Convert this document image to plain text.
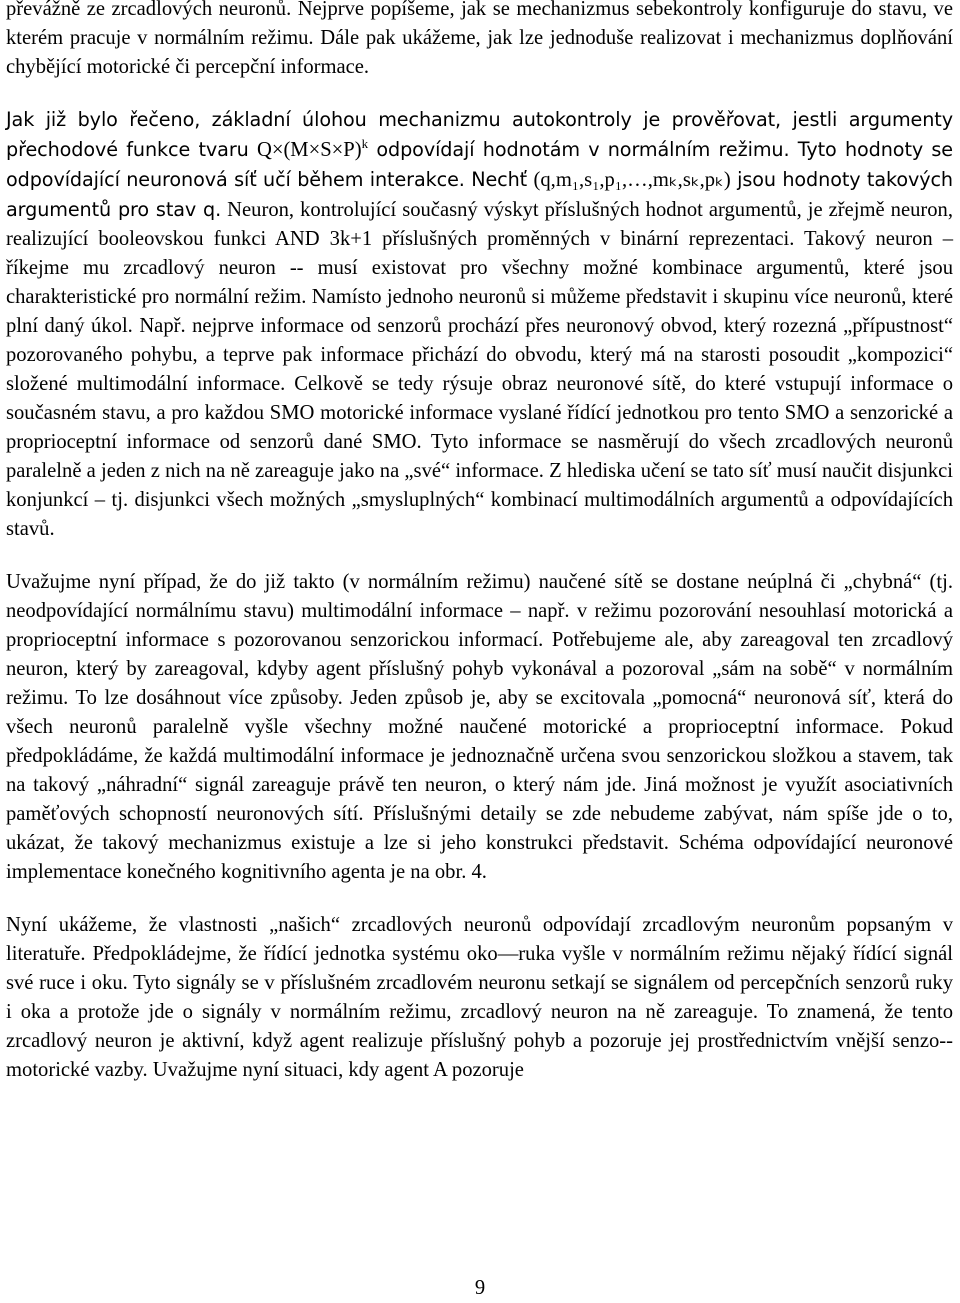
převážně ze zrcadlových neuronů. Nejprve popíšeme, jak se mechanizmus sebekontroly konfiguruje do stavu, ve kterém pracuje v normálním režimu. Dále pak ukážeme, jak lze jednoduše realizovat i mechanizmus doplňování chybějící motorické či percepční informace.

Jak již bylo řečeno, základní úlohou mechanizmu autokontroly je prověřovat, jestli argumenty přechodové funkce tvaru $Q\times(M\times S\times P)^k$ odpovídají hodnotám v normálním režimu. Tyto hodnoty se odpovídající neuronová síť učí během interakce. Nechť (q,m₁,s₁,p₁,…,mₖ,sₖ,pₖ) jsou hodnoty takových argumentů pro stav q. Neuron, kontrolující současný výskyt příslušných hodnot argumentů, je zřejmě neuron, realizující booleovskou funkci AND 3k+1 příslušných proměnných v binární reprezentaci. Takový neuron – říkejme mu zrcadlový neuron -- musí existovat pro všechny možné kombinace argumentů, které jsou charakteristické pro normální režim. Namísto jednoho neuronů si můžeme představit i skupinu více neuronů, které plní daný úkol. Např. nejprve informace od senzorů prochází přes neuronový obvod, který rozezná „přípustnost“ pozorovaného pohybu, a teprve pak informace přichází do obvodu, který má na starosti posoudit „kompozici“ složené multimodální informace. Celkově se tedy rýsuje obraz neuronové sítě, do které vstupují informace o současném stavu, a pro každou SMO motorické informace vyslané řídící jednotkou pro tento SMO a senzorické a proprioceptní informace od senzorů dané SMO. Tyto informace se nasměrují do všech zrcadlových neuronů paralelně a jeden z nich na ně zareaguje jako na „své“ informace. Z hlediska učení se tato síť musí naučit disjunkci konjunkcí – tj. disjunkci všech možných „smysluplných“ kombinací multimodálních argumentů a odpovídajících stavů.

Uvažujme nyní případ, že do již takto (v normálním režimu) naučené sítě se dostane neúplná či „chybná“ (tj. neodpovídající normálnímu stavu) multimodální informace – např. v režimu pozorování nesouhlasí motorická a proprioceptní informace s pozorovanou senzorickou informací. Potřebujeme ale, aby zareagoval ten zrcadlový neuron, který by zareagoval, kdyby agent příslušný pohyb vykonával a pozoroval „sám na sobě“ v normálním režimu. To lze dosáhnout více způsoby. Jeden způsob je, aby se excitovala „pomocná“ neuronová síť, která do všech neuronů paralelně vyšle všechny možné naučené motorické a proprioceptní informace. Pokud předpokládáme, že každá multimodální informace je jednoznačně určena svou senzorickou složkou a stavem, tak na takový „náhradní“ signál zareaguje právě ten neuron, o který nám jde. Jiná možnost je využít asociativních paměťových schopností neuronových sítí. Příslušnými detaily se zde nebudeme zabývat, nám spíše jde o to, ukázat, že takový mechanizmus existuje a lze si jeho konstrukci představit. Schéma odpovídající neuronové implementace konečného kognitivního agenta je na obr. 4.

Nyní ukážeme, že vlastnosti „našich“ zrcadlových neuronů odpovídají zrcadlovým neuronům popsaným v literatuře. Předpokládejme, že řídící jednotka systému oko—ruka vyšle v normálním režimu nějaký řídící signál své ruce i oku. Tyto signály se v příslušném zrcadlovém neuronu setkají se signálem od percepčních senzorů ruky i oka a protože jde o signály v normálním režimu, zrcadlový neuron na ně zareaguje. To znamená, že tento zrcadlový neuron je aktivní, když agent realizuje příslušný pohyb a pozoruje jej prostřednictvím vnější senzo--motorické vazby. Uvažujme nyní situaci, kdy agent A pozoruje

9
